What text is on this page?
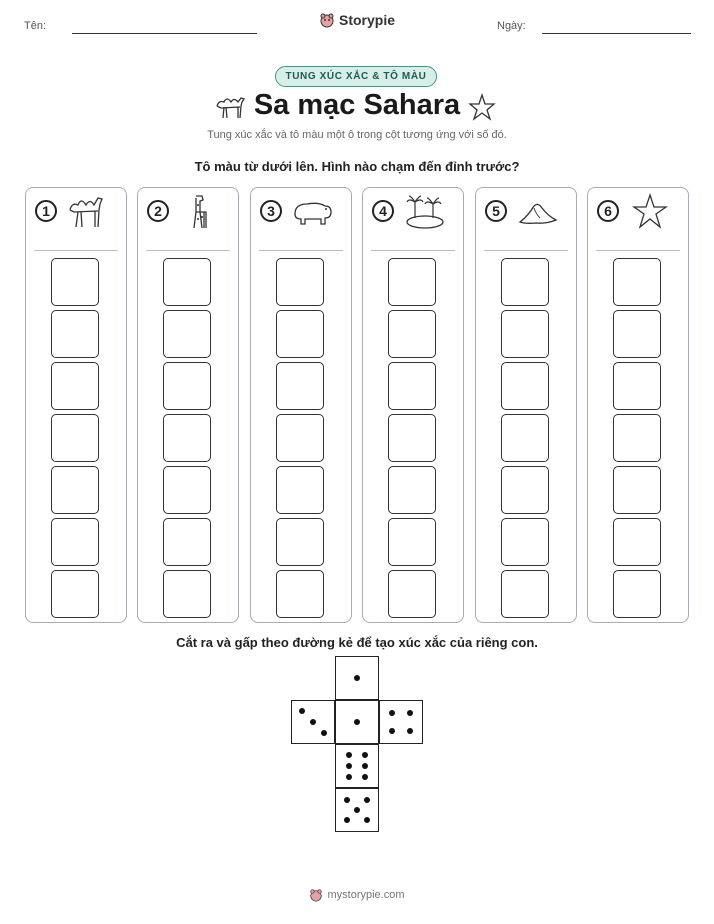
Tên:	Storypie	Ngày:
TUNG XÚC XẮC & TÔ MÀU
Sa mạc Sahara
Tung xúc xắc và tô màu một ô trong cột tương ứng với số đó.
Tô màu từ dưới lên. Hình nào chạm đến đỉnh trước?
1	2	3	4	5	6
Cắt ra và gấp theo đường kẻ để tạo xúc xắc của riêng con.
mystorypie.com
